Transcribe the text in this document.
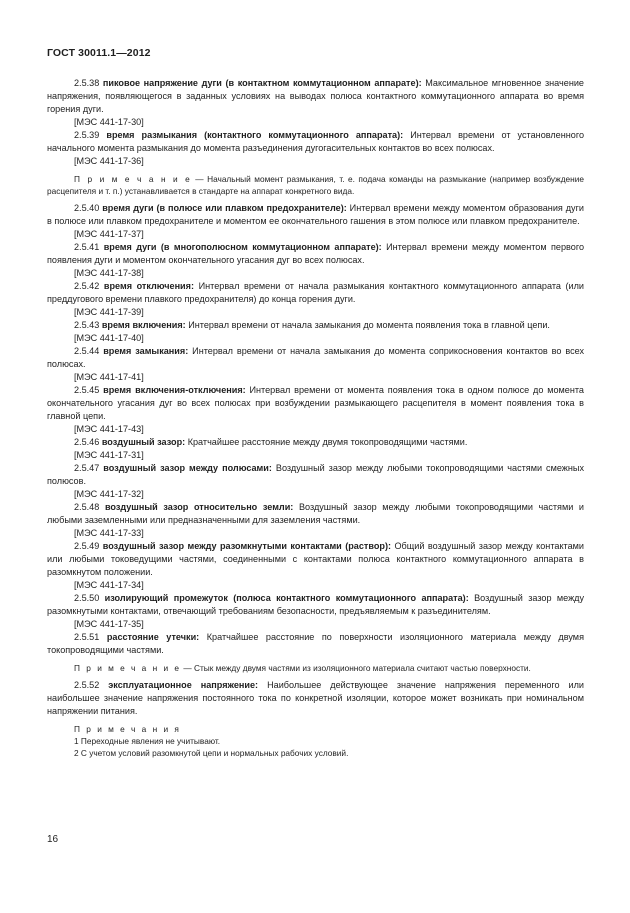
ГОСТ 30011.1—2012
2.5.38 пиковое напряжение дуги (в контактном коммутационном аппарате): Максимальное мгновенное значение напряжения, появляющегося в заданных условиях на выводах полюса контактного коммутационного аппарата во время горения дуги.
[МЭС 441-17-30]
2.5.39 время размыкания (контактного коммутационного аппарата): Интервал времени от установленного начального момента размыкания до момента разъединения дугогасительных контактов во всех полюсах.
[МЭС 441-17-36]
П р и м е ч а н и е — Начальный момент размыкания, т. е. подача команды на размыкание (например возбуждение расцепителя и т. п.) устанавливается в стандарте на аппарат конкретного вида.
2.5.40 время дуги (в полюсе или плавком предохранителе): Интервал времени между моментом образования дуги в полюсе или плавком предохранителе и моментом ее окончательного гашения в этом полюсе или плавком предохранителе.
[МЭС 441-17-37]
2.5.41 время дуги (в многополюсном коммутационном аппарате): Интервал времени между моментом первого появления дуги и моментом окончательного угасания дуг во всех полюсах.
[МЭС 441-17-38]
2.5.42 время отключения: Интервал времени от начала размыкания контактного коммутационного аппарата (или преддугового времени плавкого предохранителя) до конца горения дуги.
[МЭС 441-17-39]
2.5.43 время включения: Интервал времени от начала замыкания до момента появления тока в главной цепи.
[МЭС 441-17-40]
2.5.44 время замыкания: Интервал времени от начала замыкания до момента соприкосновения контактов во всех полюсах.
[МЭС 441-17-41]
2.5.45 время включения-отключения: Интервал времени от момента появления тока в одном полюсе до момента окончательного угасания дуг во всех полюсах при возбуждении размыкающего расцепителя в момент появления тока в главной цепи.
[МЭС 441-17-43]
2.5.46 воздушный зазор: Кратчайшее расстояние между двумя токопроводящими частями.
[МЭС 441-17-31]
2.5.47 воздушный зазор между полюсами: Воздушный зазор между любыми токопроводящими частями смежных полюсов.
[МЭС 441-17-32]
2.5.48 воздушный зазор относительно земли: Воздушный зазор между любыми токопроводящими частями и любыми заземленными или предназначенными для заземления частями.
[МЭС 441-17-33]
2.5.49 воздушный зазор между разомкнутыми контактами (раствор): Общий воздушный зазор между контактами или любыми токоведущими частями, соединенными с контактами полюса контактного коммутационного аппарата в разомкнутом положении.
[МЭС 441-17-34]
2.5.50 изолирующий промежуток (полюса контактного коммутационного аппарата): Воздушный зазор между разомкнутыми контактами, отвечающий требованиям безопасности, предъявляемым к разъединителям.
[МЭС 441-17-35]
2.5.51 расстояние утечки: Кратчайшее расстояние по поверхности изоляционного материала между двумя токопроводящими частями.
П р и м е ч а н и е — Стык между двумя частями из изоляционного материала считают частью поверхности.
2.5.52 эксплуатационное напряжение: Наибольшее действующее значение напряжения переменного или наибольшее значение напряжения постоянного тока по конкретной изоляции, которое может возникать при номинальном напряжении питания.
П р и м е ч а н и я
1 Переходные явления не учитывают.
2 С учетом условий разомкнутой цепи и нормальных рабочих условий.
16
